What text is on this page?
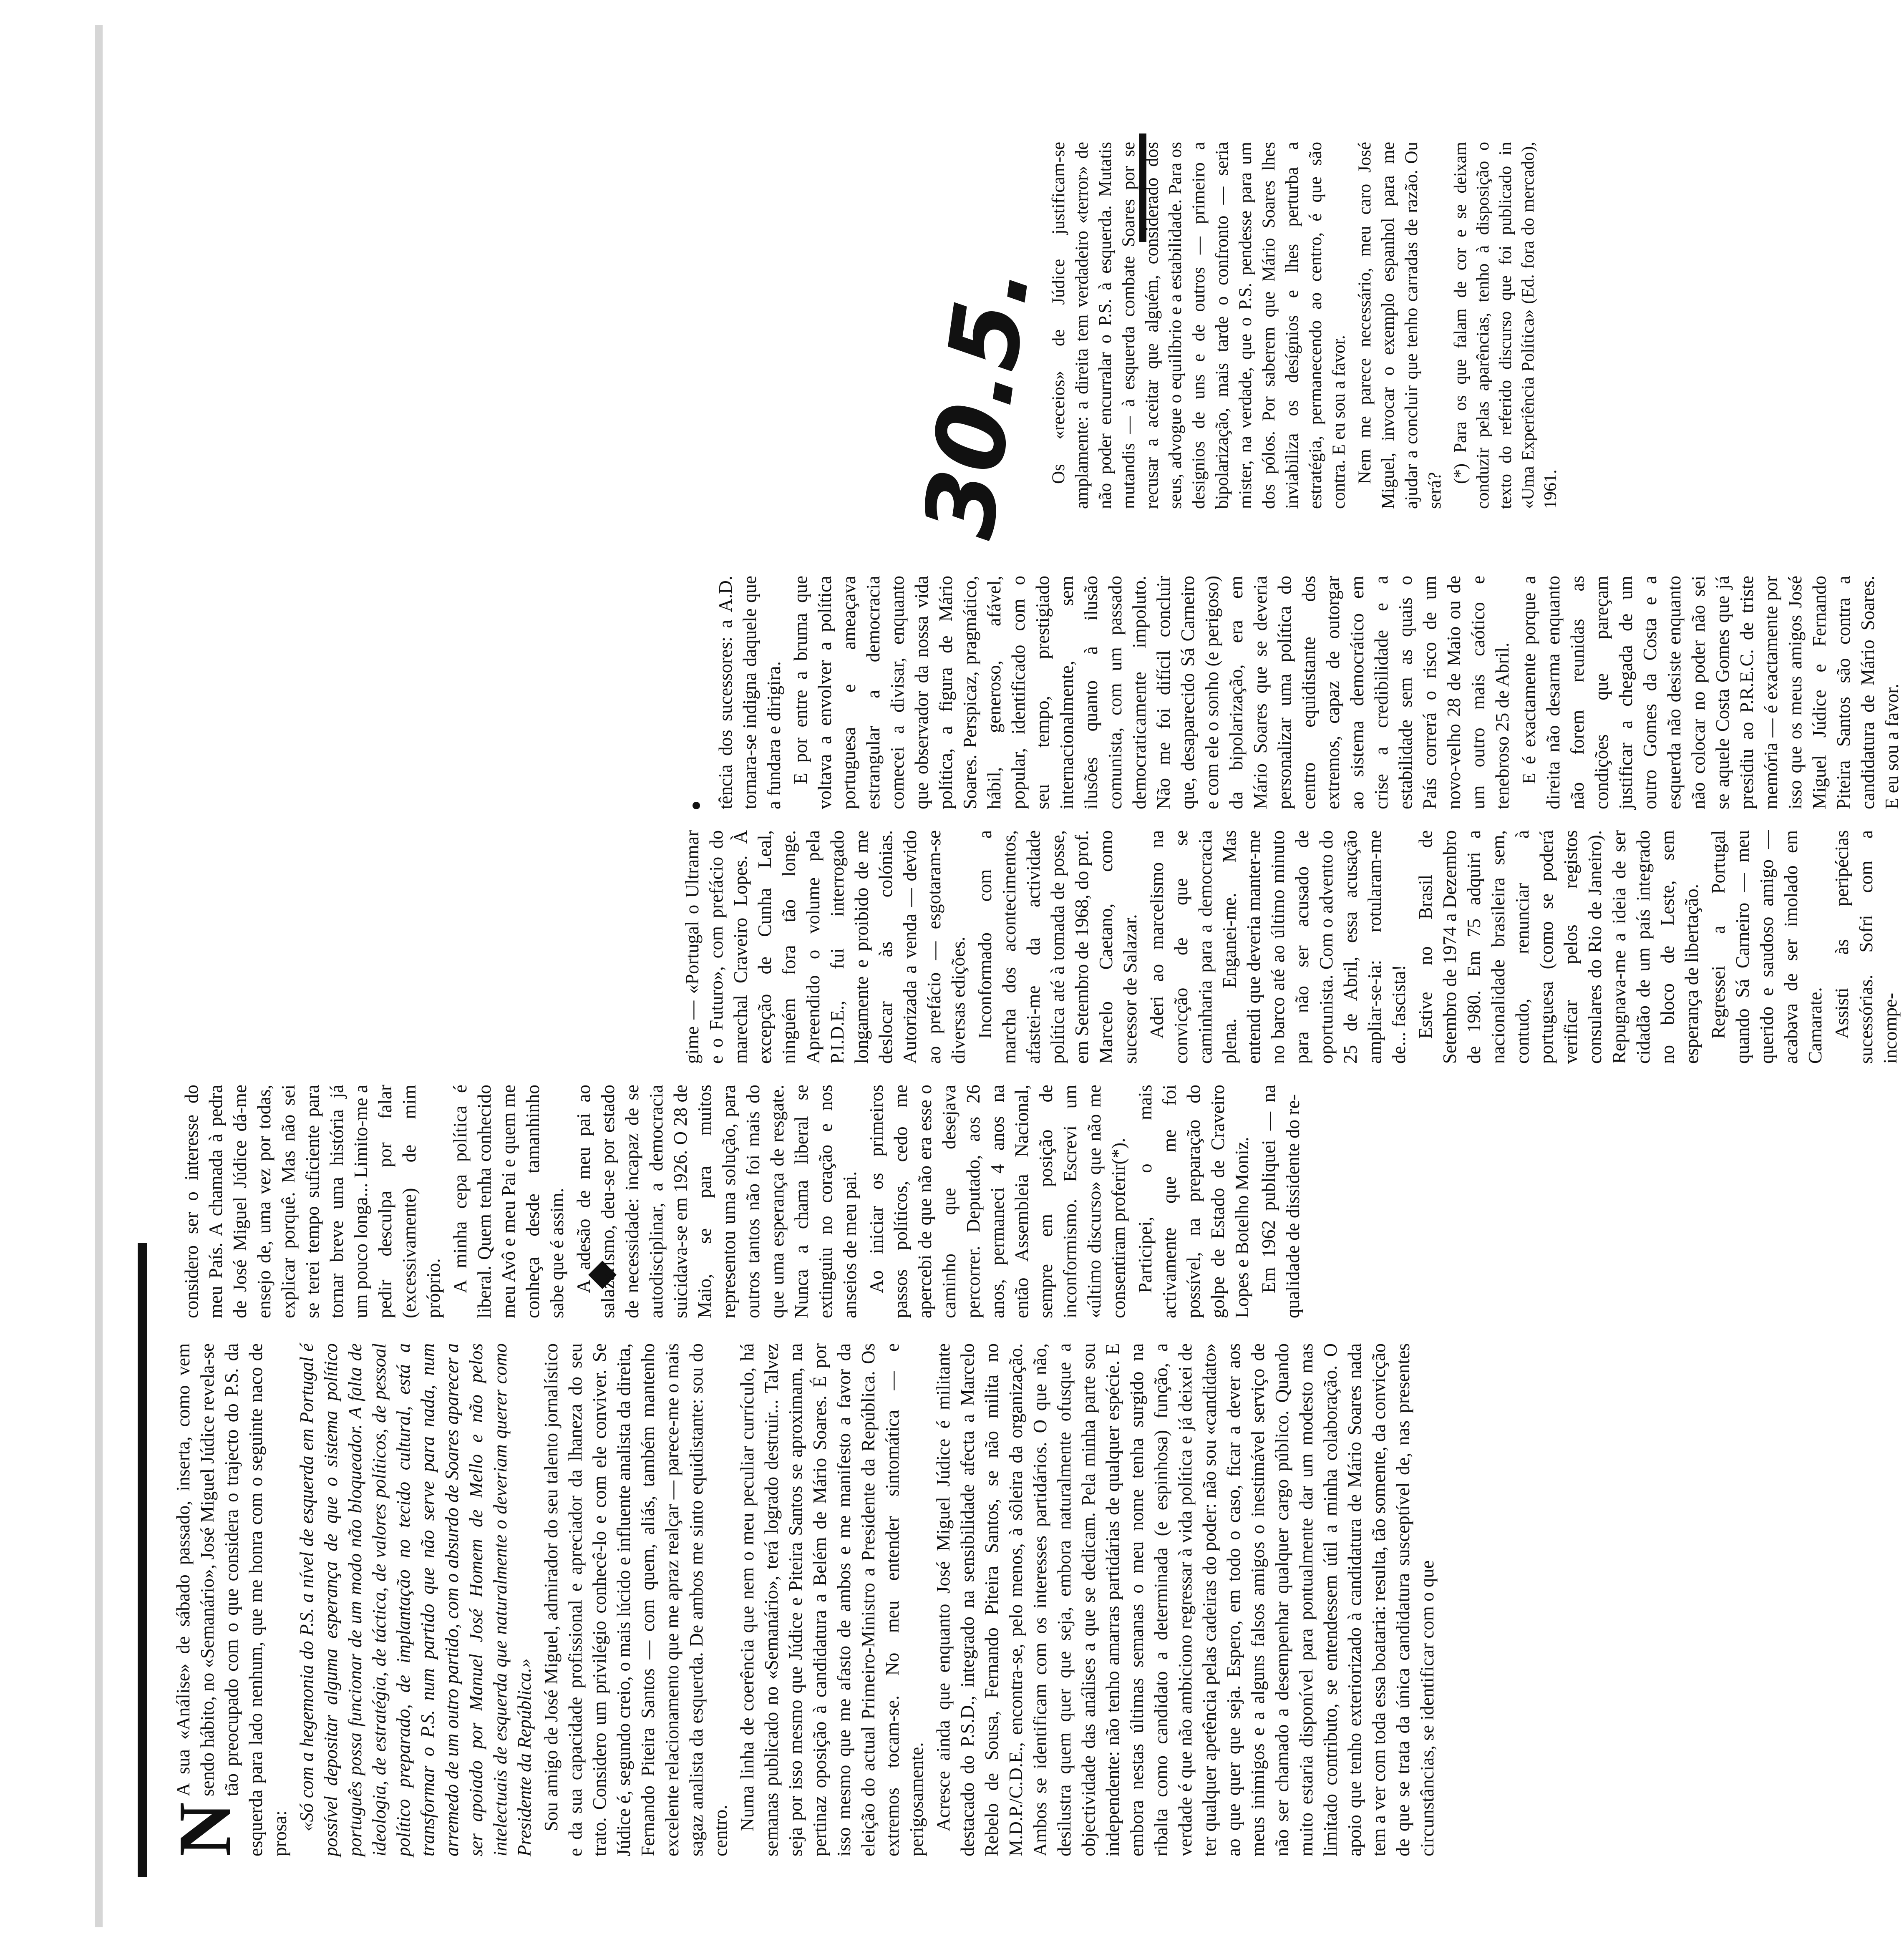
30.5.

N
A sua «Análise» de sábado passado, inserta, como vem sendo hábito, no «Semanário», José Miguel Júdice revela-se tão preocupado com o que considera o trajecto do P.S. da esquerda para lado nenhum, que me honra com o seguinte naco de prosa:

«Só com a hegemonia do P.S. a nível de esquerda em Portugal é possível depositar alguma esperança de que o sistema político português possa funcionar de um modo não bloqueador. A falta de ideologia, de estratégia, de táctica, de valores políticos, de pessoal político preparado, de implantação no tecido cultural, está a transformar o P.S. num partido que não serve para nada, num arremedo de um outro partido, com o absurdo de Soares aparecer a ser apoiado por Manuel José Homem de Mello e não pelos intelectuais de esquerda que naturalmente o deveriam querer como Presidente da República.» Sou amigo de José Miguel, admirador do seu talento jornalístico e da sua capacidade profissional e apreciador da lhaneza do seu trato. Considero um privilégio conhecê-lo e com ele conviver. Se Júdice é, segundo creio, o mais lúcido e influente analista da direita, Fernando Piteira Santos — com quem, aliás, também mantenho excelente relacionamento que me apraz realçar — parece-me o mais sagaz analista da esquerda. De ambos me sinto equidistante: sou do centro. Numa linha de coerência que nem o meu peculiar currículo, há semanas publicado no «Semanário», terá logrado destruir... Talvez seja por isso mesmo que Júdice e Piteira Santos se aproximam, na pertinaz oposição à candidatura a Belém de Mário Soares. É por isso mesmo que me afasto de ambos e me manifesto a favor da eleição do actual Primeiro-Ministro a Presidente da República. Os extremos tocam-se. No meu entender sintomática — e perigosamente. Acresce ainda que enquanto José Miguel Júdice é militante destacado do P.S.D., integrado na sensibilidade afecta a Marcelo Rebelo de Sousa, Fernando Piteira Santos, se não milita no M.D.P./C.D.E., encontra-se, pelo menos, à sôleira da organização. Ambos se identificam com os interesses partidários. O que não, desilustra quem quer que seja, embora naturalmente ofusque a objectividade das análises a que se dedicam. Pela minha parte sou independente: não tenho amarras partidárias de qualquer espécie. E embora nestas últimas semanas o meu nome tenha surgido na ribalta como candidato a determinada (e espinhosa) função, a verdade é que não ambiciono regressar à vida política e já deixei de ter qualquer apetência pelas cadeiras do poder: não sou «candidato» ao que quer que seja. Espero, em todo o caso, ficar a dever aos meus inimigos e a alguns falsos amigos o inestimável serviço de não ser chamado a desempenhar qualquer cargo público. Quando muito estaria disponível para pontualmente dar um modesto mas limitado contributo, se entendessem útil a minha colaboração. O apoio que tenho exteriorizado à candidatura de Mário Soares nada tem a ver com toda essa boataria: resulta, tão somente, da convicção de que se trata da única candidatura susceptível de, nas presentes circunstâncias, se identificar com o que

considero ser o interesse do meu País. A chamada à pedra de José Miguel Júdice dá-me ensejo de, uma vez por todas, explicar porquê. Mas não sei se terei tempo suficiente para tornar breve uma história já um pouco longa... Limito-me a pedir desculpa por falar (excessivamente) de mim próprio. A minha cepa política é liberal. Quem tenha conhecido meu Avô e meu Pai e quem me conheça desde tamanhinho sabe que é assim. A adesão de meu pai ao salazarismo, deu-se por estado de necessidade: incapaz de se autodisciplinar, a democracia suicidava-se em 1926. O 28 de Maio, se para muitos representou uma solução, para outros tantos não foi mais do que uma esperança de resgate. Nunca a chama liberal se extinguiu no coração e nos anseios de meu pai. Ao iniciar os primeiros passos políticos, cedo me apercebi de que não era esse o caminho que desejava percorrer. Deputado, aos 26 anos, permaneci 4 anos na então Assembleia Nacional, sempre em posição de inconformismo. Escrevi um «último discurso» que não me consentiram proferir(*). Participei, o mais activamente que me foi possível, na preparação do golpe de Estado de Craveiro Lopes e Botelho Moniz. Em 1962 publiquei — na qualidade de dissidente do re-

gime — «Portugal o Ultramar e o Futuro», com prefácio do marechal Craveiro Lopes. À excepção de Cunha Leal, ninguém fora tão longe. Apreendido o volume pela P.I.D.E., fui interrogado longamente e proibido de me deslocar às colónias. Autorizada a venda — devido ao prefácio — esgotaram-se diversas edições. Inconformado com a marcha dos acontecimentos, afastei-me da actividade política até à tomada de posse, em Setembro de 1968, do prof. Marcelo Caetano, como sucessor de Salazar. Aderi ao marcelismo na convicção de que se caminharia para a democracia plena. Enganei-me. Mas entendi que deveria manter-me no barco até ao último minuto para não ser acusado de oportunista. Com o advento do 25 de Abril, essa acusação ampliar-se-ia: rotularam-me de... fascista! Estive no Brasil de Setembro de 1974 a Dezembro de 1980. Em 75 adquiri a nacionalidade brasileira sem, contudo, renunciar à portuguesa (como se poderá verificar pelos registos consulares do Rio de Janeiro). Repugnava-me a ideia de ser cidadão de um país integrado no bloco de Leste, sem esperança de libertação. Regressei a Portugal quando Sá Carneiro — meu querido e saudoso amigo — acabava de ser imolado em Camarate. Assisti às peripécias sucessórias. Sofri com a incompe-

tência dos sucessores: a A.D. tornara-se indigna daquele que a fundara e dirigira. E por entre a bruma que voltava a envolver a política portuguesa e ameaçava estrangular a democracia comecei a divisar, enquanto que observador da nossa vida política, a figura de Mário Soares. Perspicaz, pragmático, hábil, generoso, afável, popular, identificado com o seu tempo, prestigiado internacionalmente, sem ilusões quanto à ilusão comunista, com um passado democraticamente impoluto. Não me foi difícil concluir que, desaparecido Sá Carneiro e com ele o sonho (e perigoso) da bipolarização, era em Mário Soares que se deveria personalizar uma política do centro equidistante dos extremos, capaz de outorgar ao sistema democrático em crise a credibilidade e a estabilidade sem as quais o País correrá o risco de um novo-velho 28 de Maio ou de um outro mais caótico e tenebroso 25 de Abril. E é exactamente porque a direita não desarma enquanto não forem reunidas as condições que pareçam justificar a chegada de um outro Gomes da Costa e a esquerda não desiste enquanto não colocar no poder não sei se aquele Costa Gomes que já presidiu ao P.R.E.C. de triste memória — é exactamente por isso que os meus amigos José Miguel Júdice e Fernando Piteira Santos são contra a candidatura de Mário Soares. E eu sou a favor.

Os «receios» de Júdice justificam-se amplamente: a direita tem verdadeiro «terror» de não poder encurralar o P.S. à esquerda. Mutatis mutandis — à esquerda combate Soares por se recusar a aceitar que alguém, considerado dos seus, advogue o equilíbrio e a estabilidade. Para os designios de uns e de outros — primeiro a bipolarização, mais tarde o confronto — seria mister, na verdade, que o P.S. pendesse para um dos pólos. Por saberem que Mário Soares lhes inviabiliza os desígnios e lhes perturba a estratégia, permanecendo ao centro, é que são contra. E eu sou a favor. Nem me parece necessário, meu caro José Miguel, invocar o exemplo espanhol para me ajudar a concluir que tenho carradas de razão. Ou será?

(*) Para os que falam de cor e se deixam conduzir pelas aparências, tenho à disposição o texto do referido discurso que foi publicado in «Uma Experiência Política» (Ed. fora do mercado), 1961.
